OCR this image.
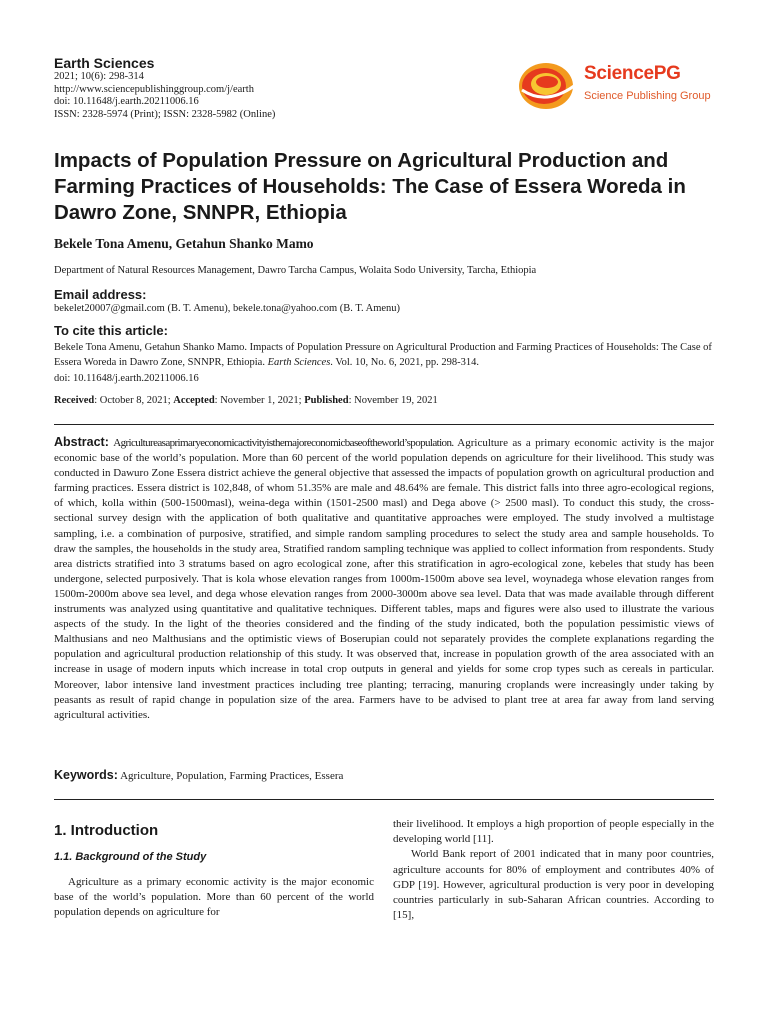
Earth Sciences

2021; 10(6): 298-314

http://www.sciencepublishinggroup.com/j/earth

doi: 10.11648/j.earth.20211006.16

ISSN: 2328-5974 (Print); ISSN: 2328-5982 (Online)

SciencePG
Science Publishing Group
Impacts of Population Pressure on Agricultural Production and Farming Practices of Households: The Case of Essera Woreda in Dawro Zone, SNNPR, Ethiopia

Bekele Tona Amenu, Getahun Shanko Mamo

Department of Natural Resources Management, Dawro Tarcha Campus, Wolaita Sodo University, Tarcha, Ethiopia

Email address:

bekelet20007@gmail.com (B. T. Amenu), bekele.tona@yahoo.com (B. T. Amenu)

To cite this article:

Bekele Tona Amenu, Getahun Shanko Mamo. Impacts of Population Pressure on Agricultural Production and Farming Practices of Households: The Case of Essera Woreda in Dawro Zone, SNNPR, Ethiopia. Earth Sciences. Vol. 10, No. 6, 2021, pp. 298-314.
doi: 10.11648/j.earth.20211006.16

Received: October 8, 2021; Accepted: November 1, 2021; Published: November 19, 2021

Abstract: Agricultureasaprimaryeconomicactivityisthemajoreconomicbaseoftheworld’spopulation. Agriculture as a primary economic activity is the major economic base of the world’s population. More than 60 percent of the world population depends on agriculture for their livelihood. This study was conducted in Dawuro Zone Essera district achieve the general objective that assessed the impacts of population growth on agricultural production and farming practices. Essera district is 102,848, of whom 51.35% are male and 48.64% are female. This district falls into three agro-ecological regions, of which, kolla within (500-1500masl), weina-dega within (1501-2500 masl) and Dega above (> 2500 masl). To conduct this study, the cross-sectional survey design with the application of both qualitative and quantitative approaches were employed. The study involved a multistage sampling, i.e. a combination of purposive, stratified, and simple random sampling procedures to select the study area and sample households. To draw the samples, the households in the study area, Stratified random sampling technique was applied to collect information from respondents. Study area districts stratified into 3 stratums based on agro ecological zone, after this stratification in agro-ecological zone, kebeles that study has been undergone, selected purposively. That is kola whose elevation ranges from 1000m-1500m above sea level, woynadega whose elevation ranges from 1500m-2000m above sea level, and dega whose elevation ranges from 2000-3000m above sea level. Data that was made available through different instruments was analyzed using quantitative and qualitative techniques. Different tables, maps and figures were also used to illustrate the various aspects of the study. In the light of the theories considered and the finding of the study indicated, both the population pessimistic views of Malthusians and neo Malthusians and the optimistic views of Boserupian could not separately provides the complete explanations regarding the population and agricultural production relationship of this study. It was observed that, increase in population growth of the area associated with an increase in usage of modern inputs which increase in total crop outputs in general and yields for some crop types such as cereals in particular. Moreover, labor intensive land investment practices including tree planting; terracing, manuring croplands were increasingly under taking by peasants as result of rapid change in population size of the area. Farmers have to be advised to plant tree at area far away from land serving agricultural activities.

Keywords: Agriculture, Population, Farming Practices, Essera

1. Introduction

1.1. Background of the Study

Agriculture as a primary economic activity is the major economic base of the world’s population. More than 60 percent of the world population depends on agriculture for

their livelihood. It employs a high proportion of people especially in the developing world [11].

World Bank report of 2001 indicated that in many poor countries, agriculture accounts for 80% of employment and contributes 40% of GDP [19]. However, agricultural production is very poor in developing countries particularly in sub-Saharan African countries. According to [15],
